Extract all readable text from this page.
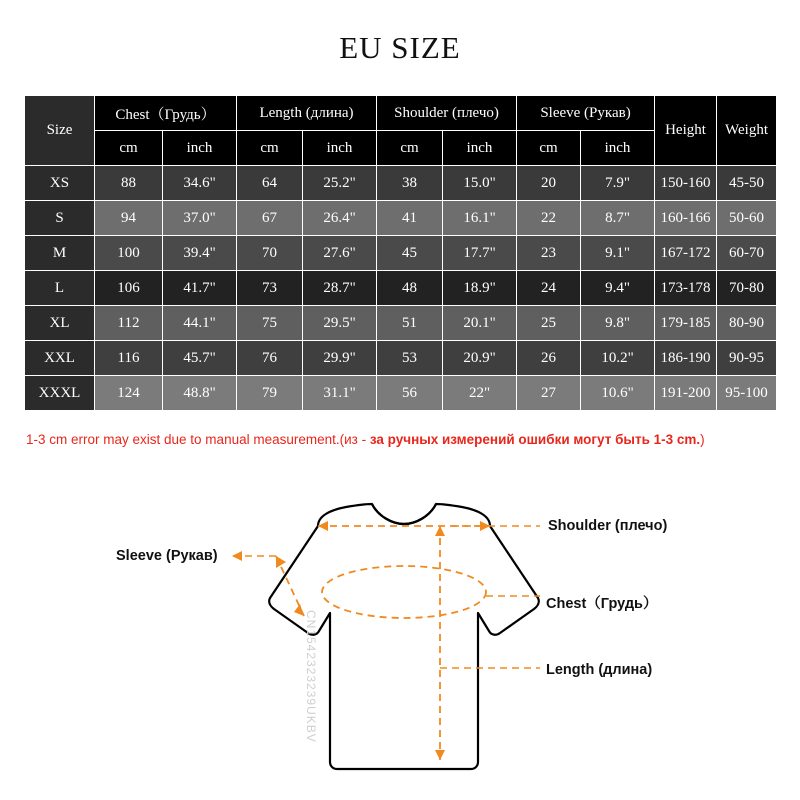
EU SIZE
Size	Chest（Грудь）		Length (длина)		Shoulder (плечо)		Sleeve (Рукав)		Height	Weight
	cm	inch	cm	inch	cm	inch	cm	inch		
XS	88	34.6"	64	25.2"	38	15.0"	20	7.9"	150-160	45-50
S	94	37.0"	67	26.4"	41	16.1"	22	8.7"	160-166	50-60
M	100	39.4"	70	27.6"	45	17.7"	23	9.1"	167-172	60-70
L	106	41.7"	73	28.7"	48	18.9"	24	9.4"	173-178	70-80
XL	112	44.1"	75	29.5"	51	20.1"	25	9.8"	179-185	80-90
XXL	116	45.7"	76	29.9"	53	20.9"	26	10.2"	186-190	90-95
XXXL	124	48.8"	79	31.1"	56	22"	27	10.6"	191-200	95-100
1-3 cm error may exist due to manual measurement.(из - за ручных измерений ошибки могут быть 1-3 cm.)
Shoulder (плечо)
Sleeve (Рукав)
Chest（Грудь）
Length (длина)
CN1542323239UKBV
